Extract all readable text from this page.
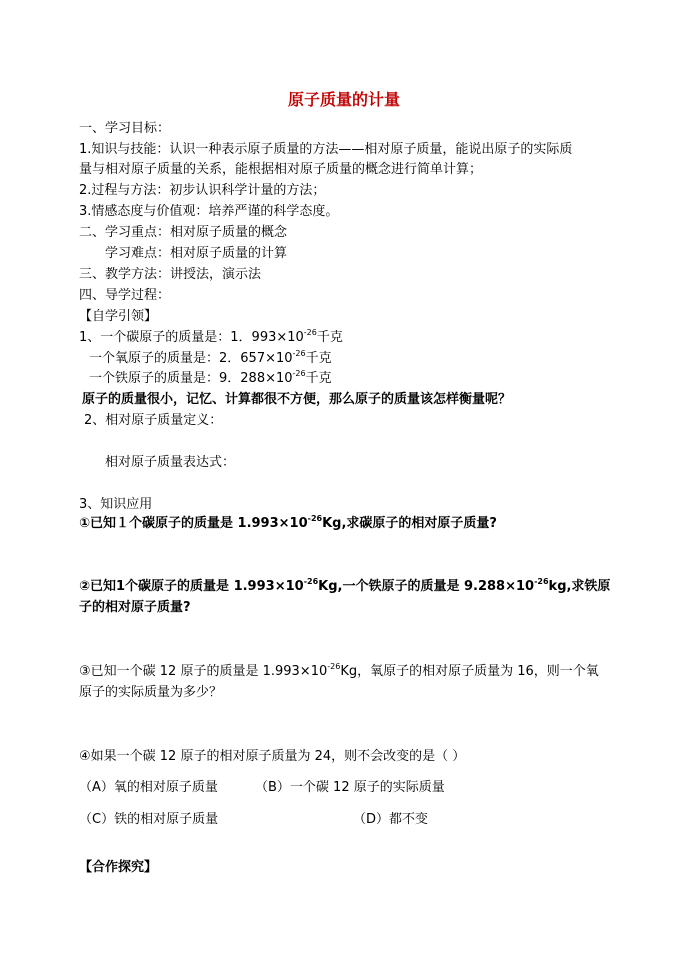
原子质量的计量
一、学习目标：
1.知识与技能：认识一种表示原子质量的方法——相对原子质量，能说出原子的实际质
量与相对原子质量的关系，能根据相对原子质量的概念进行简单计算；
2.过程与方法：初步认识科学计量的方法；
3.情感态度与价值观：培养严谨的科学态度。
二、学习重点：相对原子质量的概念
学习难点：相对原子质量的计算
三、教学方法：讲授法，演示法
四、导学过程：
【自学引领】
1、一个碳原子的质量是：1．$993\times 10^{-26}$千克
一个氧原子的质量是：2．$657\times 10^{-26}$千克
一个铁原子的质量是：9．$288\times 10^{-26}$千克
原子的质量很小，记忆、计算都很不方便，那么原子的质量该怎样衡量呢？
2、相对原子质量定义：
相对原子质量表达式：
3、知识应用
①已知１个碳原子的质量是 $1.993\times 10^{-26}Kg$,求碳原子的相对原子质量?
②已知1个碳原子的质量是 $1.993\times 10^{-26}Kg$,一个铁原子的质量是 $9.288\times 10^{-26}kg$,求铁原
子的相对原子质量?
③已知一个碳 12 原子的质量是 $1.993\times 10^{-26}Kg$，氧原子的相对原子质量为 16，则一个氧
原子的实际质量为多少？
④如果一个碳 12 原子的相对原子质量为 24，则不会改变的是（ ）
（A）氧的相对原子质量	（B）一个碳 12 原子的实际质量
（C）铁的相对原子质量	（D）都不变
【合作探究】
